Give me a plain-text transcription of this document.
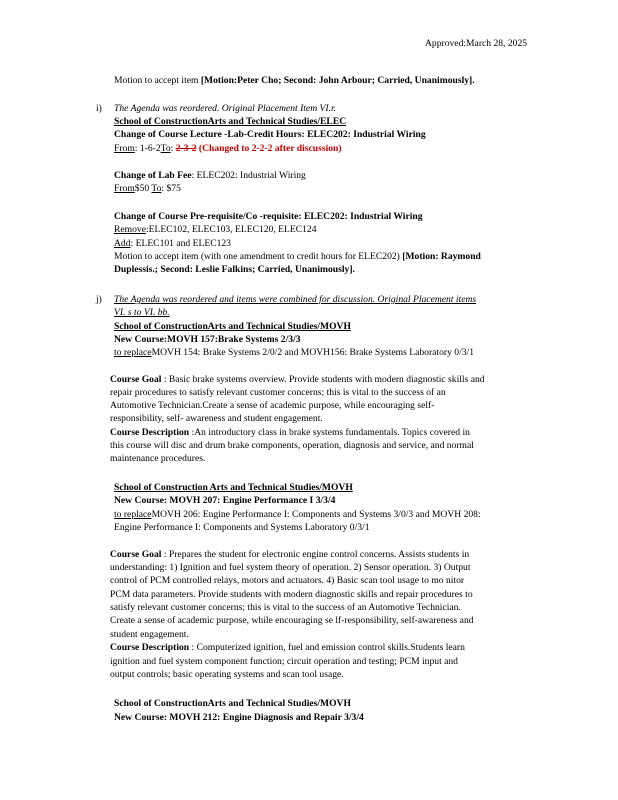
Approved:March 28, 2025
Motion to accept item [Motion:Peter Cho; Second: John Arbour; Carried, Unanimously].
i) The Agenda was reordered. Original Placement Item VI.r.
School of ConstructionArts and Technical Studies/ELEC
Change of Course Lecture -Lab-Credit Hours: ELEC202: Industrial Wiring
From: 1-6-2To: 2-3-2 (Changed to 2-2-2 after discussion)
Change of Lab Fee: ELEC202: Industrial Wiring
From$50 To: $75
Change of Course Pre-requisite/Co -requisite: ELEC202: Industrial Wiring
Remove:ELEC102, ELEC103, ELEC120, ELEC124
Add: ELEC101 and ELEC123
Motion to accept item (with one amendment to credit hours for ELEC202) [Motion: Raymond
Duplessis.; Second: Leslie Falkins; Carried, Unanimously].
j) The Agenda was reordered and items were combined for discussion. Original Placement items
VI. s to VI. bb.
School of ConstructionArts and Technical Studies/MOVH
New Course:MOVH 157:Brake Systems 2/3/3
to replaceMOVH 154: Brake Systems 2/0/2 and MOVH156: Brake Systems Laboratory 0/3/1
Course Goal : Basic brake systems overview. Provide students with modern diagnostic skills and
repair procedures to satisfy relevant customer concerns; this is vital to the success of an
Automotive Technician.Create a sense of academic purpose, while encouraging self-
responsibility, self- awareness and student engagement.
Course Description :An introductory class in brake systems fundamentals. Topics covered in
this course will disc and drum brake components, operation, diagnosis and service, and normal
maintenance procedures.
School of Construction Arts and Technical Studies/MOVH
New Course: MOVH 207: Engine Performance I 3/3/4
to replaceMOVH 206: Engine Performance I: Components and Systems 3/0/3 and MOVH 208:
Engine Performance I: Components and Systems Laboratory 0/3/1
Course Goal : Prepares the student for electronic engine control concerns. Assists students in
understanding: 1) Ignition and fuel system theory of operation. 2) Sensor operation. 3) Output
control of PCM controlled relays, motors and actuators. 4) Basic scan tool usage to mo nitor
PCM data parameters. Provide students with modern diagnostic skills and repair procedures to
satisfy relevant customer concerns; this is vital to the success of an Automotive Technician.
Create a sense of academic purpose, while encouraging se lf-responsibility, self-awareness and
student engagement.
Course Description : Computerized ignition, fuel and emission control skills.Students learn
ignition and fuel system component function; circuit operation and testing; PCM input and
output controls; basic operating systems and scan tool usage.
School of ConstructionArts and Technical Studies/MOVH
New Course: MOVH 212: Engine Diagnosis and Repair 3/3/4
